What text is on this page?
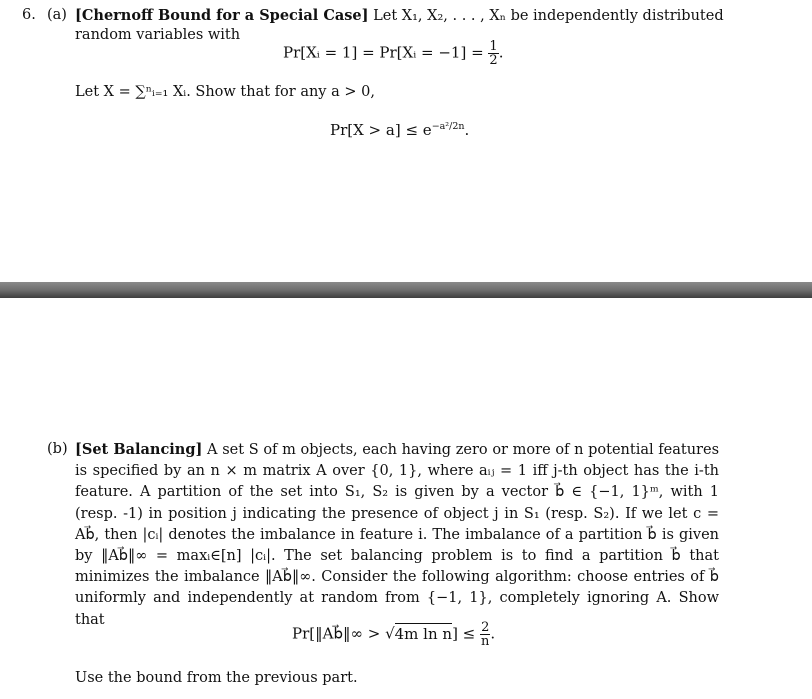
6. (a) [Chernoff Bound for a Special Case] Let X₁, X₂, . . . , Xₙ be independently distributed
random variables with
Pr[Xᵢ = 1] = Pr[Xᵢ = $-1] = \frac{1}{2}$ .
Let X = ∑ⁿᵢ₌₁ Xᵢ. Show that for any a > 0,
$Pr[X > a] \le e^{-a^2/2n}$.
(b) [Set Balancing] A set S of m objects, each having zero or more of n potential features is specified by an n × m matrix A over {0, 1}, where aᵢⱼ = 1 iff j-th object has the i-th feature. A partition of the set into S₁, S₂ is given by a vector b⃗ ∈ {−1, 1}ᵐ, with 1 (resp. -1) in position j indicating the presence of object j in S₁ (resp. S₂). If we let c = Ab⃗, then |cᵢ| denotes the imbalance in feature i. The imbalance of a partition b⃗ is given by ‖Ab⃗‖∞ = maxᵢ∈[n] |cᵢ|. The set balancing problem is to find a partition b⃗ that minimizes the imbalance ‖Ab⃗‖∞. Consider the following algorithm: choose entries of b⃗ uniformly and independently at random from {−1, 1}, completely ignoring A. Show that
Pr[‖Ab⃗‖∞ > √4m $\ln n] \le \frac{2}{n}$ .
Use the bound from the previous part.
